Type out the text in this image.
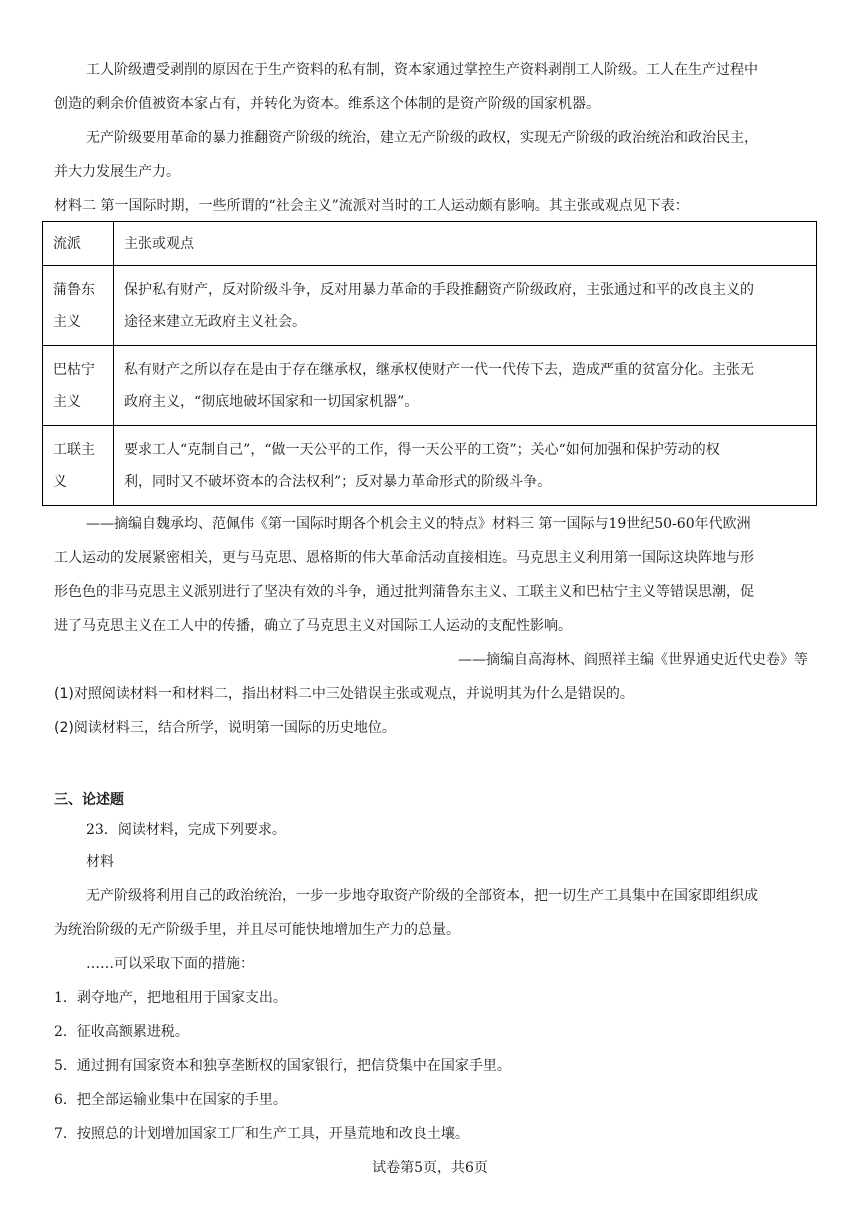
工人阶级遭受剥削的原因在于生产资料的私有制，资本家通过掌控生产资料剥削工人阶级。工人在生产过程中
创造的剩余价值被资本家占有，并转化为资本。维系这个体制的是资产阶级的国家机器。
无产阶级要用革命的暴力推翻资产阶级的统治，建立无产阶级的政权，实现无产阶级的政治统治和政治民主，
并大力发展生产力。
材料二 第一国际时期，一些所谓的“社会主义”流派对当时的工人运动颇有影响。其主张或观点见下表：
流派	主张或观点
蒲鲁东
主义	保护私有财产，反对阶级斗争，反对用暴力革命的手段推翻资产阶级政府，主张通过和平的改良主义的
途径来建立无政府主义社会。
巴枯宁
主义	私有财产之所以存在是由于存在继承权，继承权使财产一代一代传下去，造成严重的贫富分化。主张无
政府主义，“彻底地破坏国家和一切国家机器”。
工联主
义	要求工人“克制自己”，“做一天公平的工作，得一天公平的工资”；关心“如何加强和保护劳动的权
利，同时又不破坏资本的合法权利”；反对暴力革命形式的阶级斗争。
——摘编自魏承均、范佩伟《第一国际时期各个机会主义的特点》材料三 第一国际与19世纪50-60年代欧洲
工人运动的发展紧密相关，更与马克思、恩格斯的伟大革命活动直接相连。马克思主义利用第一国际这块阵地与形
形色色的非马克思主义派别进行了坚决有效的斗争，通过批判蒲鲁东主义、工联主义和巴枯宁主义等错误思潮，促
进了马克思主义在工人中的传播，确立了马克思主义对国际工人运动的支配性影响。
——摘编自高海林、阎照祥主编《世界通史近代史卷》等
(1)对照阅读材料一和材料二，指出材料二中三处错误主张或观点，并说明其为什么是错误的。
(2)阅读材料三，结合所学，说明第一国际的历史地位。
三、论述题
23．阅读材料，完成下列要求。
材料
无产阶级将利用自己的政治统治，一步一步地夺取资产阶级的全部资本，把一切生产工具集中在国家即组织成
为统治阶级的无产阶级手里，并且尽可能快地增加生产力的总量。
……可以采取下面的措施：
1．剥夺地产，把地租用于国家支出。
2．征收高额累进税。
5．通过拥有国家资本和独享垄断权的国家银行，把信贷集中在国家手里。
6．把全部运输业集中在国家的手里。
7．按照总的计划增加国家工厂和生产工具，开垦荒地和改良土壤。
试卷第5页，共6页
